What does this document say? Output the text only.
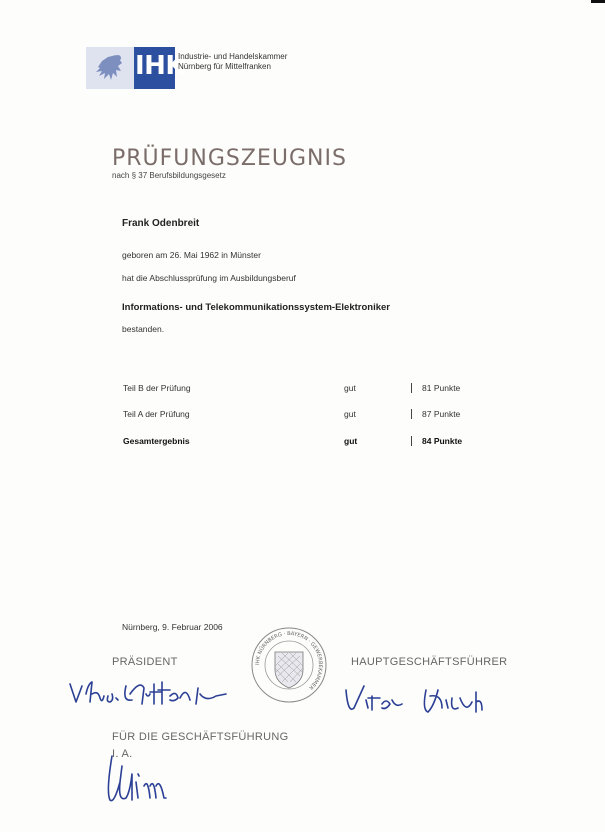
IHK
Industrie- und Handelskammer
Nürnberg für Mittelfranken
PRÜFUNGSZEUGNIS
nach § 37 Berufsbildungsgesetz
Frank Odenbreit
geboren am 26. Mai 1962 in Münster
hat die Abschlussprüfung im Ausbildungsberuf
Informations- und Telekommunikationssystem-Elektroniker
bestanden.
Teil B der Prüfung	gut	81 Punkte
Teil A der Prüfung	gut	87 Punkte
Gesamtergebnis	gut	84 Punkte
Nürnberg, 9. Februar 2006
PRÄSIDENT	HAUPTGESCHÄFTSFÜHRER
FÜR DIE GESCHÄFTSFÜHRUNG
I. A.
IHK NÜRNBERG · BAYERN · GEWERBEKAMMER
